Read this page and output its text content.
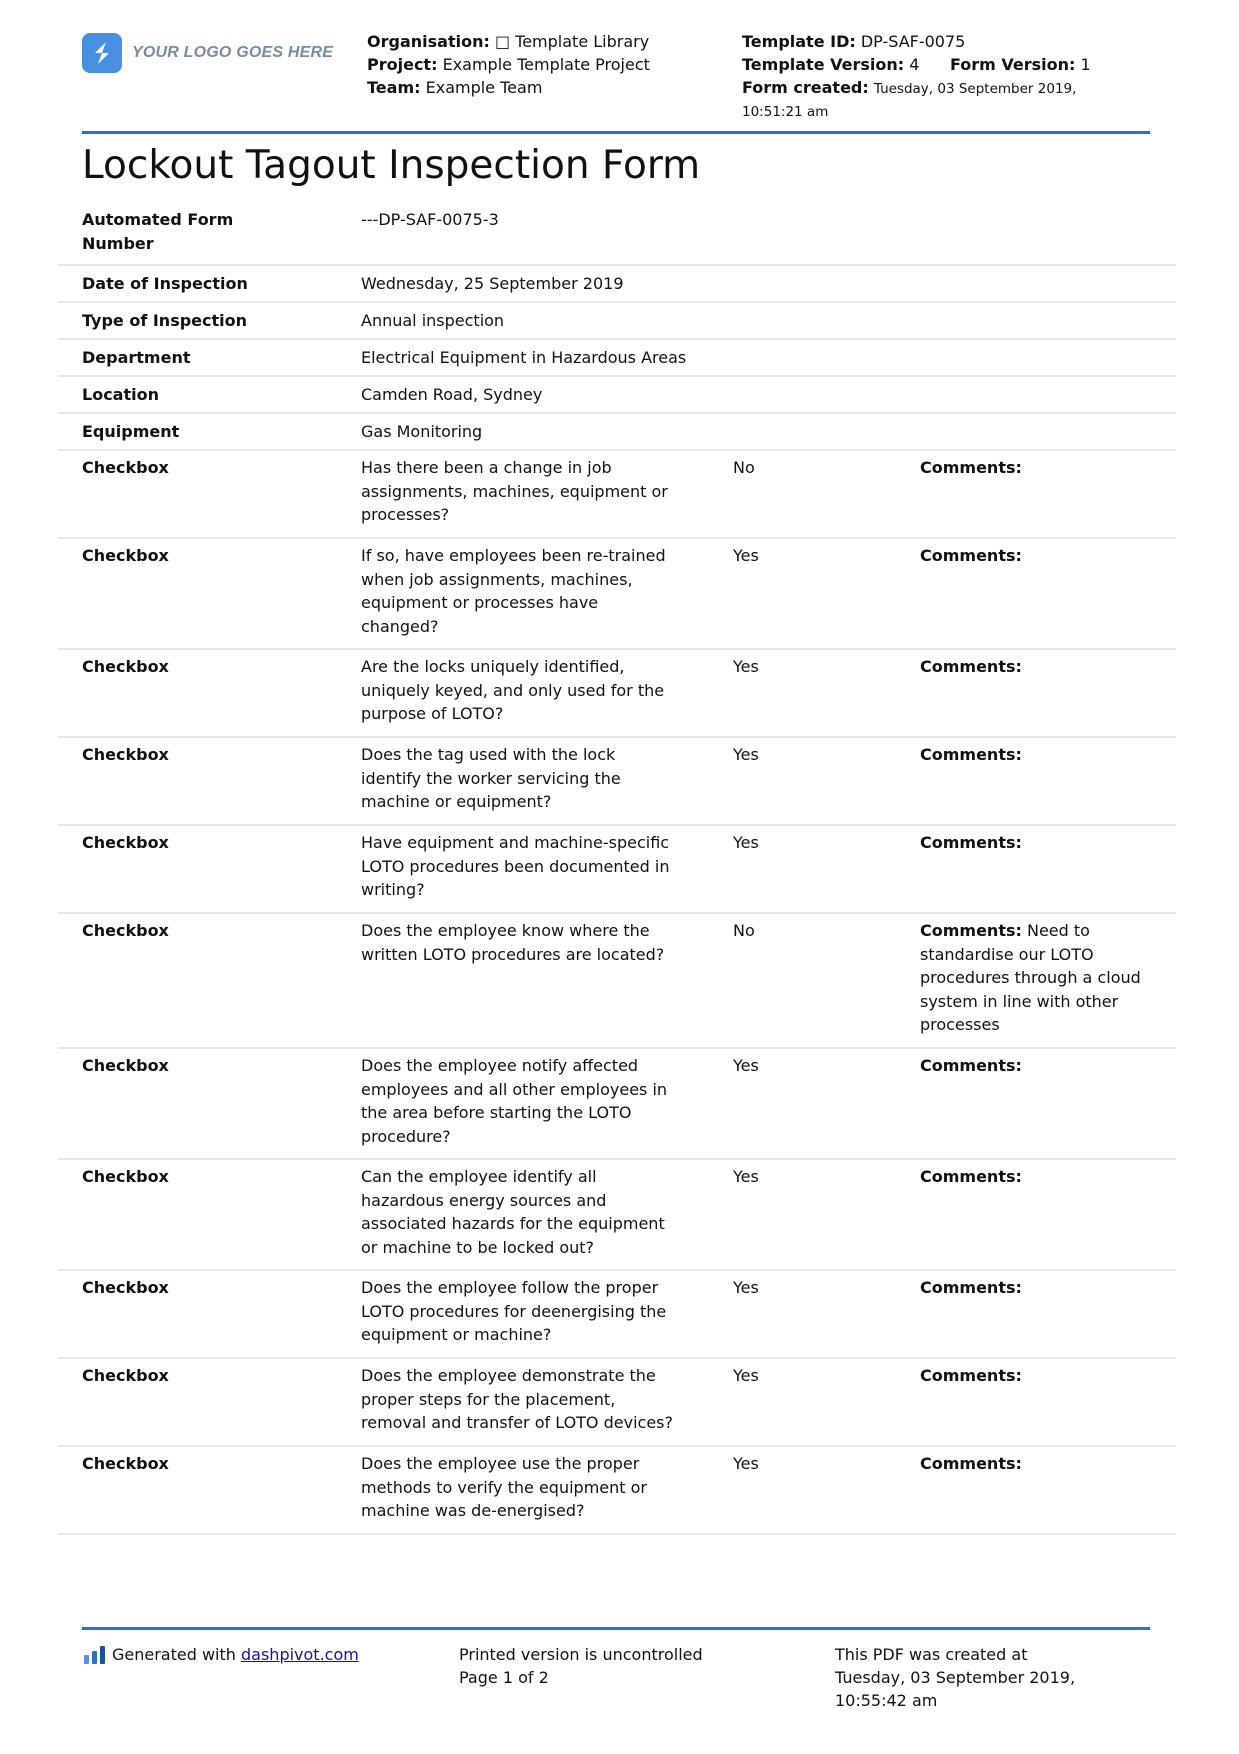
YOUR LOGO GOES HERE
Organisation: □ Template Library
Project: Example Template Project
Team: Example Team
Template ID: DP-SAF-0075
Template Version: 4 Form Version: 1
Form created: Tuesday, 03 September 2019,
10:51:21 am
Lockout Tagout Inspection Form
Automated Form
Number
---DP-SAF-0075-3
Date of Inspection	Wednesday, 25 September 2019
Type of Inspection	Annual inspection
Department	Electrical Equipment in Hazardous Areas
Location	Camden Road, Sydney
Equipment	Gas Monitoring
Checkbox	Has there been a change in job
assignments, machines, equipment or
processes?
No	Comments:
Checkbox	If so, have employees been re-trained
when job assignments, machines,
equipment or processes have
changed?
Yes	Comments:
Checkbox	Are the locks uniquely identified,
uniquely keyed, and only used for the
purpose of LOTO?
Yes	Comments:
Checkbox	Does the tag used with the lock
identify the worker servicing the
machine or equipment?
Yes	Comments:
Checkbox	Have equipment and machine-specific
LOTO procedures been documented in
writing?
Yes	Comments:
Checkbox	Does the employee know where the
written LOTO procedures are located?
No	Comments: Need to
standardise our LOTO
procedures through a cloud
system in line with other
processes
Checkbox	Does the employee notify affected
employees and all other employees in
the area before starting the LOTO
procedure?
Yes	Comments:
Checkbox	Can the employee identify all
hazardous energy sources and
associated hazards for the equipment
or machine to be locked out?
Yes	Comments:
Checkbox	Does the employee follow the proper
LOTO procedures for deenergising the
equipment or machine?
Yes	Comments:
Checkbox	Does the employee demonstrate the
proper steps for the placement,
removal and transfer of LOTO devices?
Yes	Comments:
Checkbox	Does the employee use the proper
methods to verify the equipment or
machine was de-energised?
Yes	Comments:
Generated with dashpivot.com	Printed version is uncontrolled
Page 1 of 2
This PDF was created at
Tuesday, 03 September 2019,
10:55:42 am
